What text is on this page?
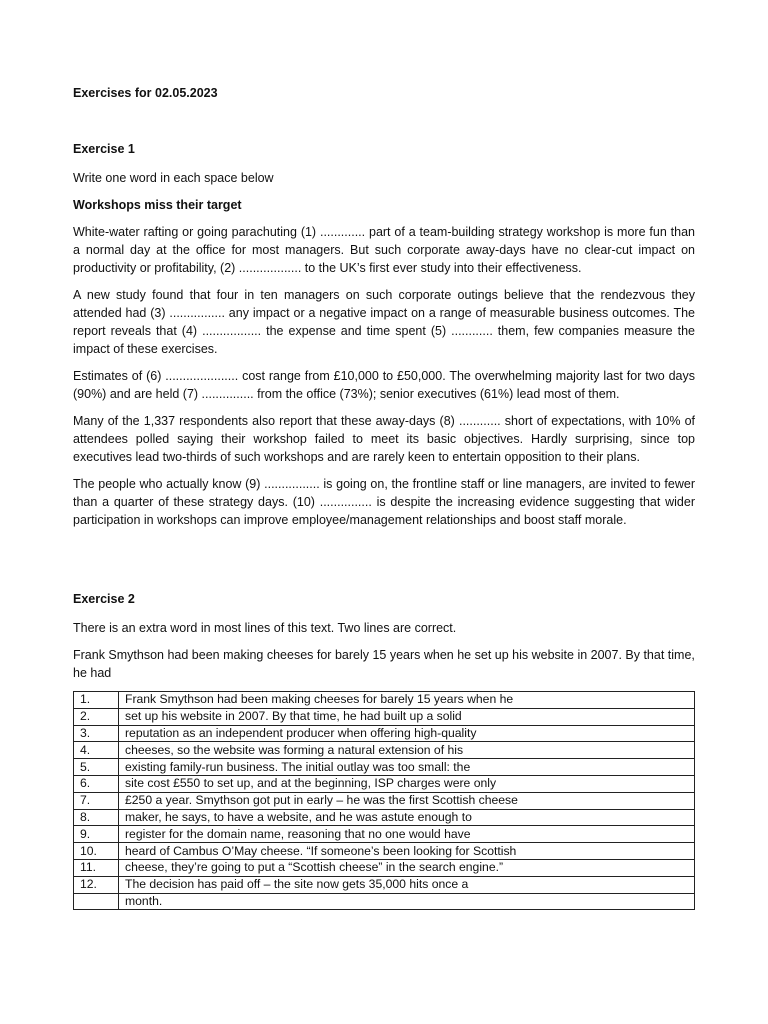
Exercises for 02.05.2023
Exercise 1

Write one word in each space below

Workshops miss their target

White-water rafting or going parachuting (1) ............. part of a team-building strategy workshop is more fun than a normal day at the office for most managers. But such corporate away-days have no clear-cut impact on productivity or profitability, (2) .................. to the UK’s first ever study into their effectiveness.

A new study found that four in ten managers on such corporate outings believe that the rendezvous they attended had (3) ................ any impact or a negative impact on a range of measurable business outcomes. The report reveals that (4) ................. the expense and time spent (5) ............ them, few companies measure the impact of these exercises.

Estimates of (6) ..................... cost range from £10,000 to £50,000. The overwhelming majority last for two days (90%) and are held (7) ............... from the office (73%); senior executives (61%) lead most of them.

Many of the 1,337 respondents also report that these away-days (8) ............ short of expectations, with 10% of attendees polled saying their workshop failed to meet its basic objectives. Hardly surprising, since top executives lead two-thirds of such workshops and are rarely keen to entertain opposition to their plans.

The people who actually know (9) ................ is going on, the frontline staff or line managers, are invited to fewer than a quarter of these strategy days. (10) ............... is despite the increasing evidence suggesting that wider participation in workshops can improve employee/management relationships and boost staff morale.

Exercise 2

There is an extra word in most lines of this text. Two lines are correct.

Frank Smythson had been making cheeses for barely 15 years when he set up his website in 2007. By that time, he had

1.	Frank Smythson had been making cheeses for barely 15 years when he
2.	set up his website in 2007. By that time, he had built up a solid
3.	reputation as an independent producer when offering high-quality
4.	cheeses, so the website was forming a natural extension of his
5.	existing family-run business. The initial outlay was too small: the
6.	site cost £550 to set up, and at the beginning, ISP charges were only
7.	£250 a year. Smythson got put in early – he was the first Scottish cheese
8.	maker, he says, to have a website, and he was astute enough to
9.	register for the domain name, reasoning that no one would have
10.	heard of Cambus O’May cheese. “If someone’s been looking for Scottish
11.	cheese, they’re going to put a “Scottish cheese” in the search engine.”
12.	The decision has paid off – the site now gets 35,000 hits once a
	month.
